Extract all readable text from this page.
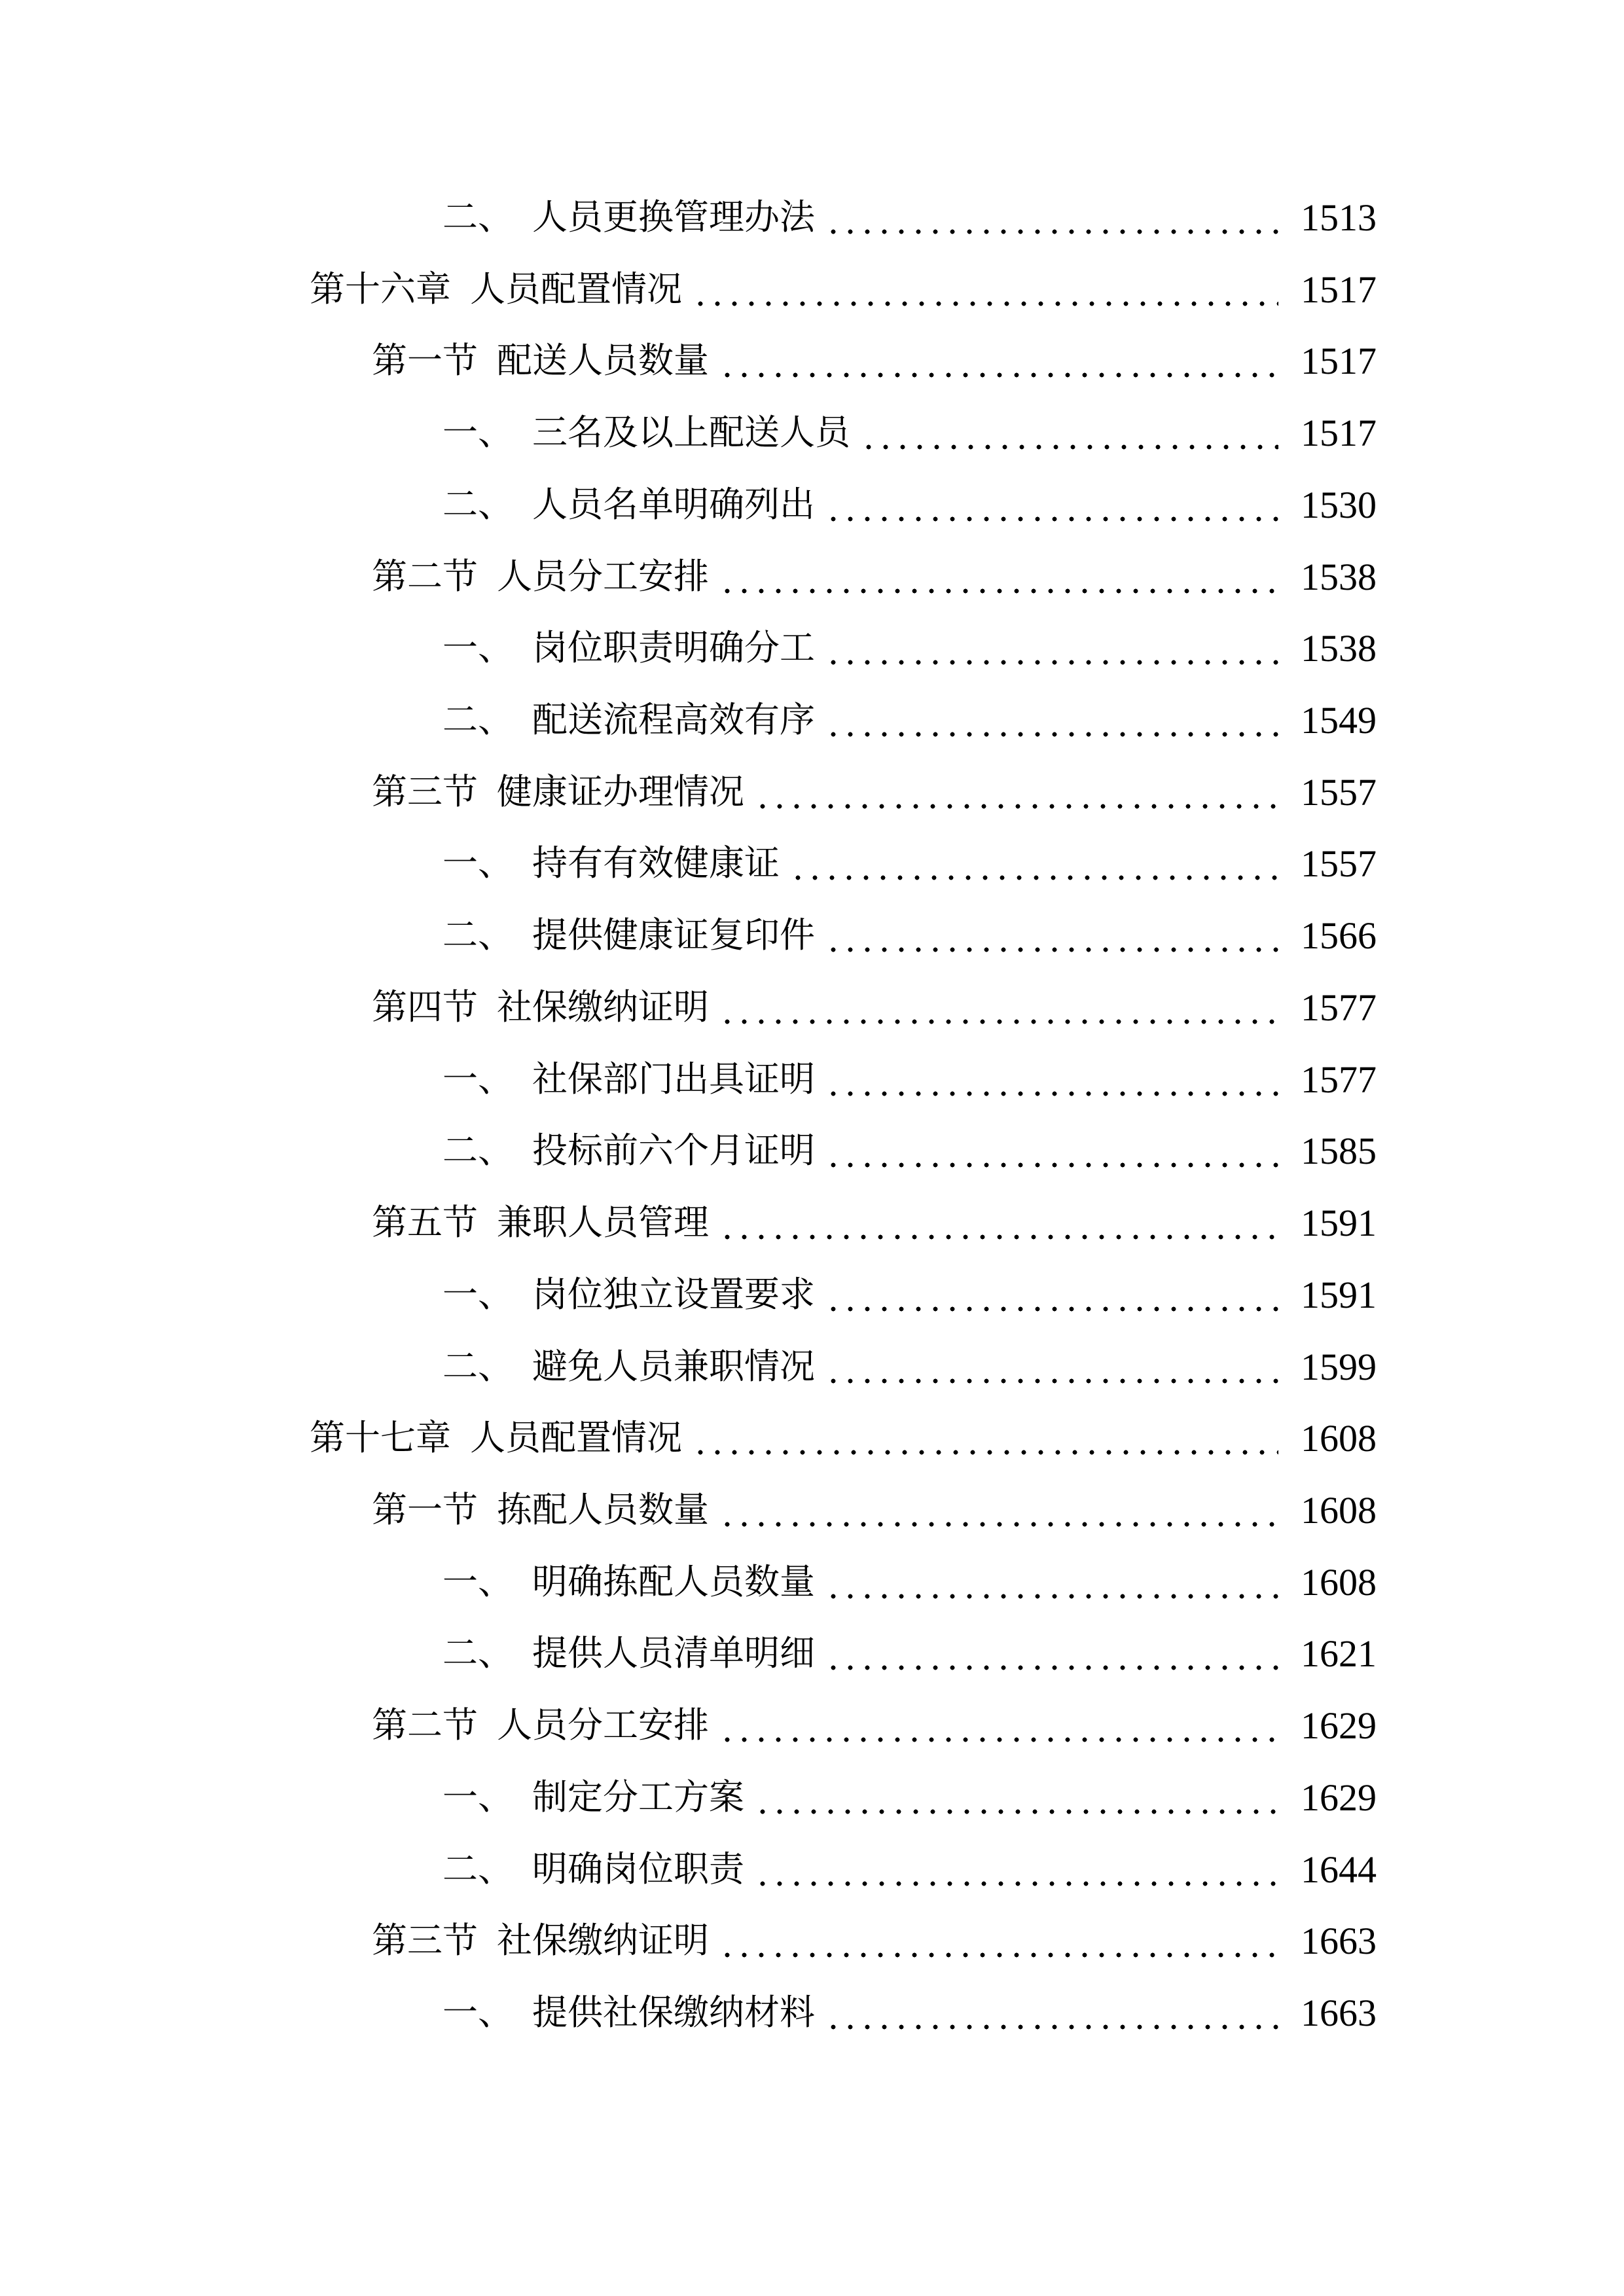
二、 人员更换管理办法	1513
第十六章 人员配置情况	1517
第一节 配送人员数量	1517
一、 三名及以上配送人员	1517
二、 人员名单明确列出	1530
第二节 人员分工安排	1538
一、 岗位职责明确分工	1538
二、 配送流程高效有序	1549
第三节 健康证办理情况	1557
一、 持有有效健康证	1557
二、 提供健康证复印件	1566
第四节 社保缴纳证明	1577
一、 社保部门出具证明	1577
二、 投标前六个月证明	1585
第五节 兼职人员管理	1591
一、 岗位独立设置要求	1591
二、 避免人员兼职情况	1599
第十七章 人员配置情况	1608
第一节 拣配人员数量	1608
一、 明确拣配人员数量	1608
二、 提供人员清单明细	1621
第二节 人员分工安排	1629
一、 制定分工方案	1629
二、 明确岗位职责	1644
第三节 社保缴纳证明	1663
一、 提供社保缴纳材料	1663
